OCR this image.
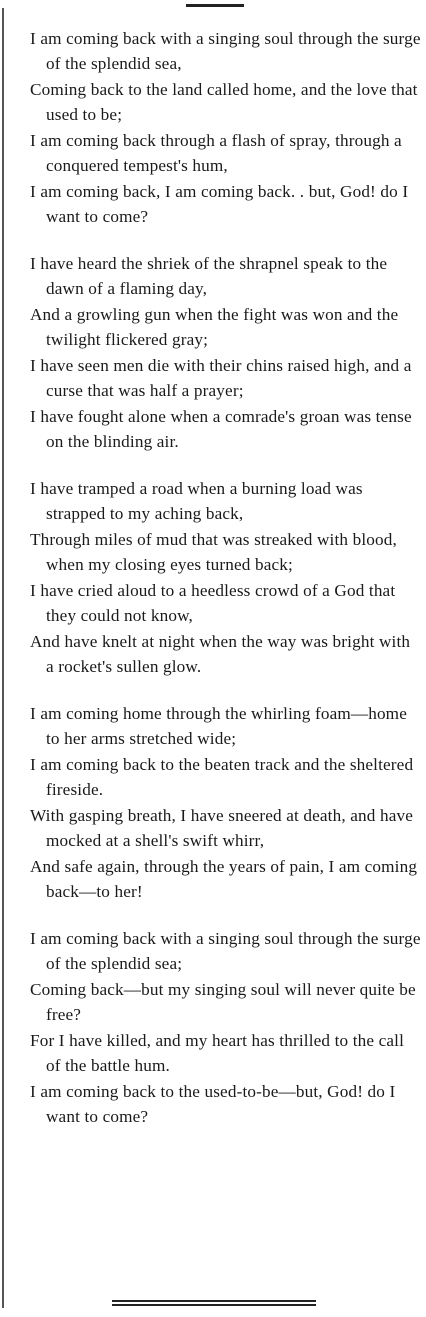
I am coming back with a singing soul through the surge of the splendid sea,
Coming back to the land called home, and the love that used to be;
I am coming back through a flash of spray, through a conquered tempest's hum,
I am coming back, I am coming back. . but, God! do I want to come?
I have heard the shriek of the shrapnel speak to the dawn of a flaming day,
And a growling gun when the fight was won and the twilight flickered gray;
I have seen men die with their chins raised high, and a curse that was half a prayer;
I have fought alone when a comrade's groan was tense on the blinding air.
I have tramped a road when a burning load was strapped to my aching back,
Through miles of mud that was streaked with blood, when my closing eyes turned back;
I have cried aloud to a heedless crowd of a God that they could not know,
And have knelt at night when the way was bright with a rocket's sullen glow.
I am coming home through the whirling foam—home to her arms stretched wide;
I am coming back to the beaten track and the sheltered fireside.
With gasping breath, I have sneered at death, and have mocked at a shell's swift whirr,
And safe again, through the years of pain, I am coming back—to her!
I am coming back with a singing soul through the surge of the splendid sea;
Coming back—but my singing soul will never quite be free?
For I have killed, and my heart has thrilled to the call of the battle hum.
I am coming back to the used-to-be—but, God! do I want to come?
